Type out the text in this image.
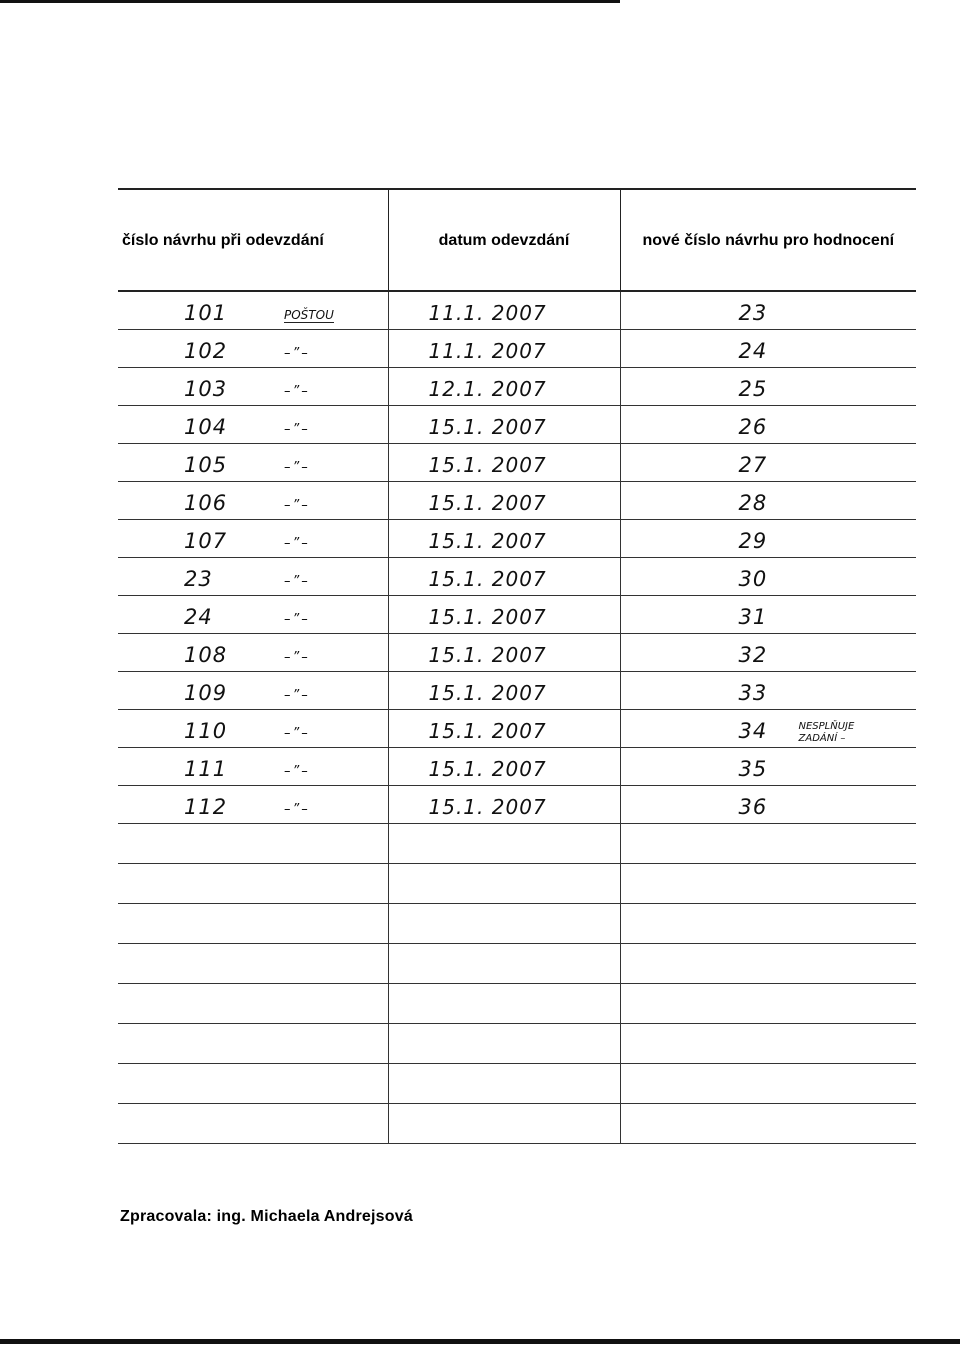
číslo návrhu při odevzdání	datum odevzdání	nové číslo návrhu pro hodnocení

101 POŠTOU	11.1. 2007	23

102 –”–	11.1. 2007	24

103 –”–	12.1. 2007	25

104 –”–	15.1. 2007	26

105 –”–	15.1. 2007	27

106 –”–	15.1. 2007	28

107 –”–	15.1. 2007	29

23 –”–	15.1. 2007	30

24 –”–	15.1. 2007	31

108 –”–	15.1. 2007	32

109 –”–	15.1. 2007	33

110 –”–	15.1. 2007	34 NESPLŇUJE ZADÁNÍ –

111 –”–	15.1. 2007	35

112 –”–	15.1. 2007	36

Zpracovala: ing. Michaela Andrejsová
